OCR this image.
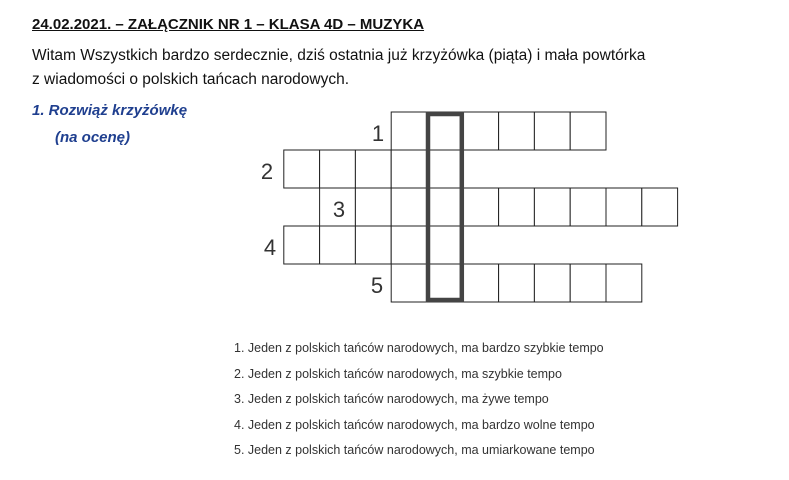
24.02.2021. – ZAŁĄCZNIK NR 1 – KLASA 4D – MUZYKA
Witam Wszystkich bardzo serdecznie, dziś ostatnia już krzyżówka (piąta) i mała powtórka
z wiadomości o polskich tańcach narodowych.
1. Rozwiąż krzyżówkę
(na ocenę)	1
2
3
4
5
1. Jeden z polskich tańców narodowych, ma bardzo szybkie tempo
2. Jeden z polskich tańców narodowych, ma szybkie tempo
3. Jeden z polskich tańców narodowych, ma żywe tempo
4. Jeden z polskich tańców narodowych, ma bardzo wolne tempo
5. Jeden z polskich tańców narodowych, ma umiarkowane tempo
